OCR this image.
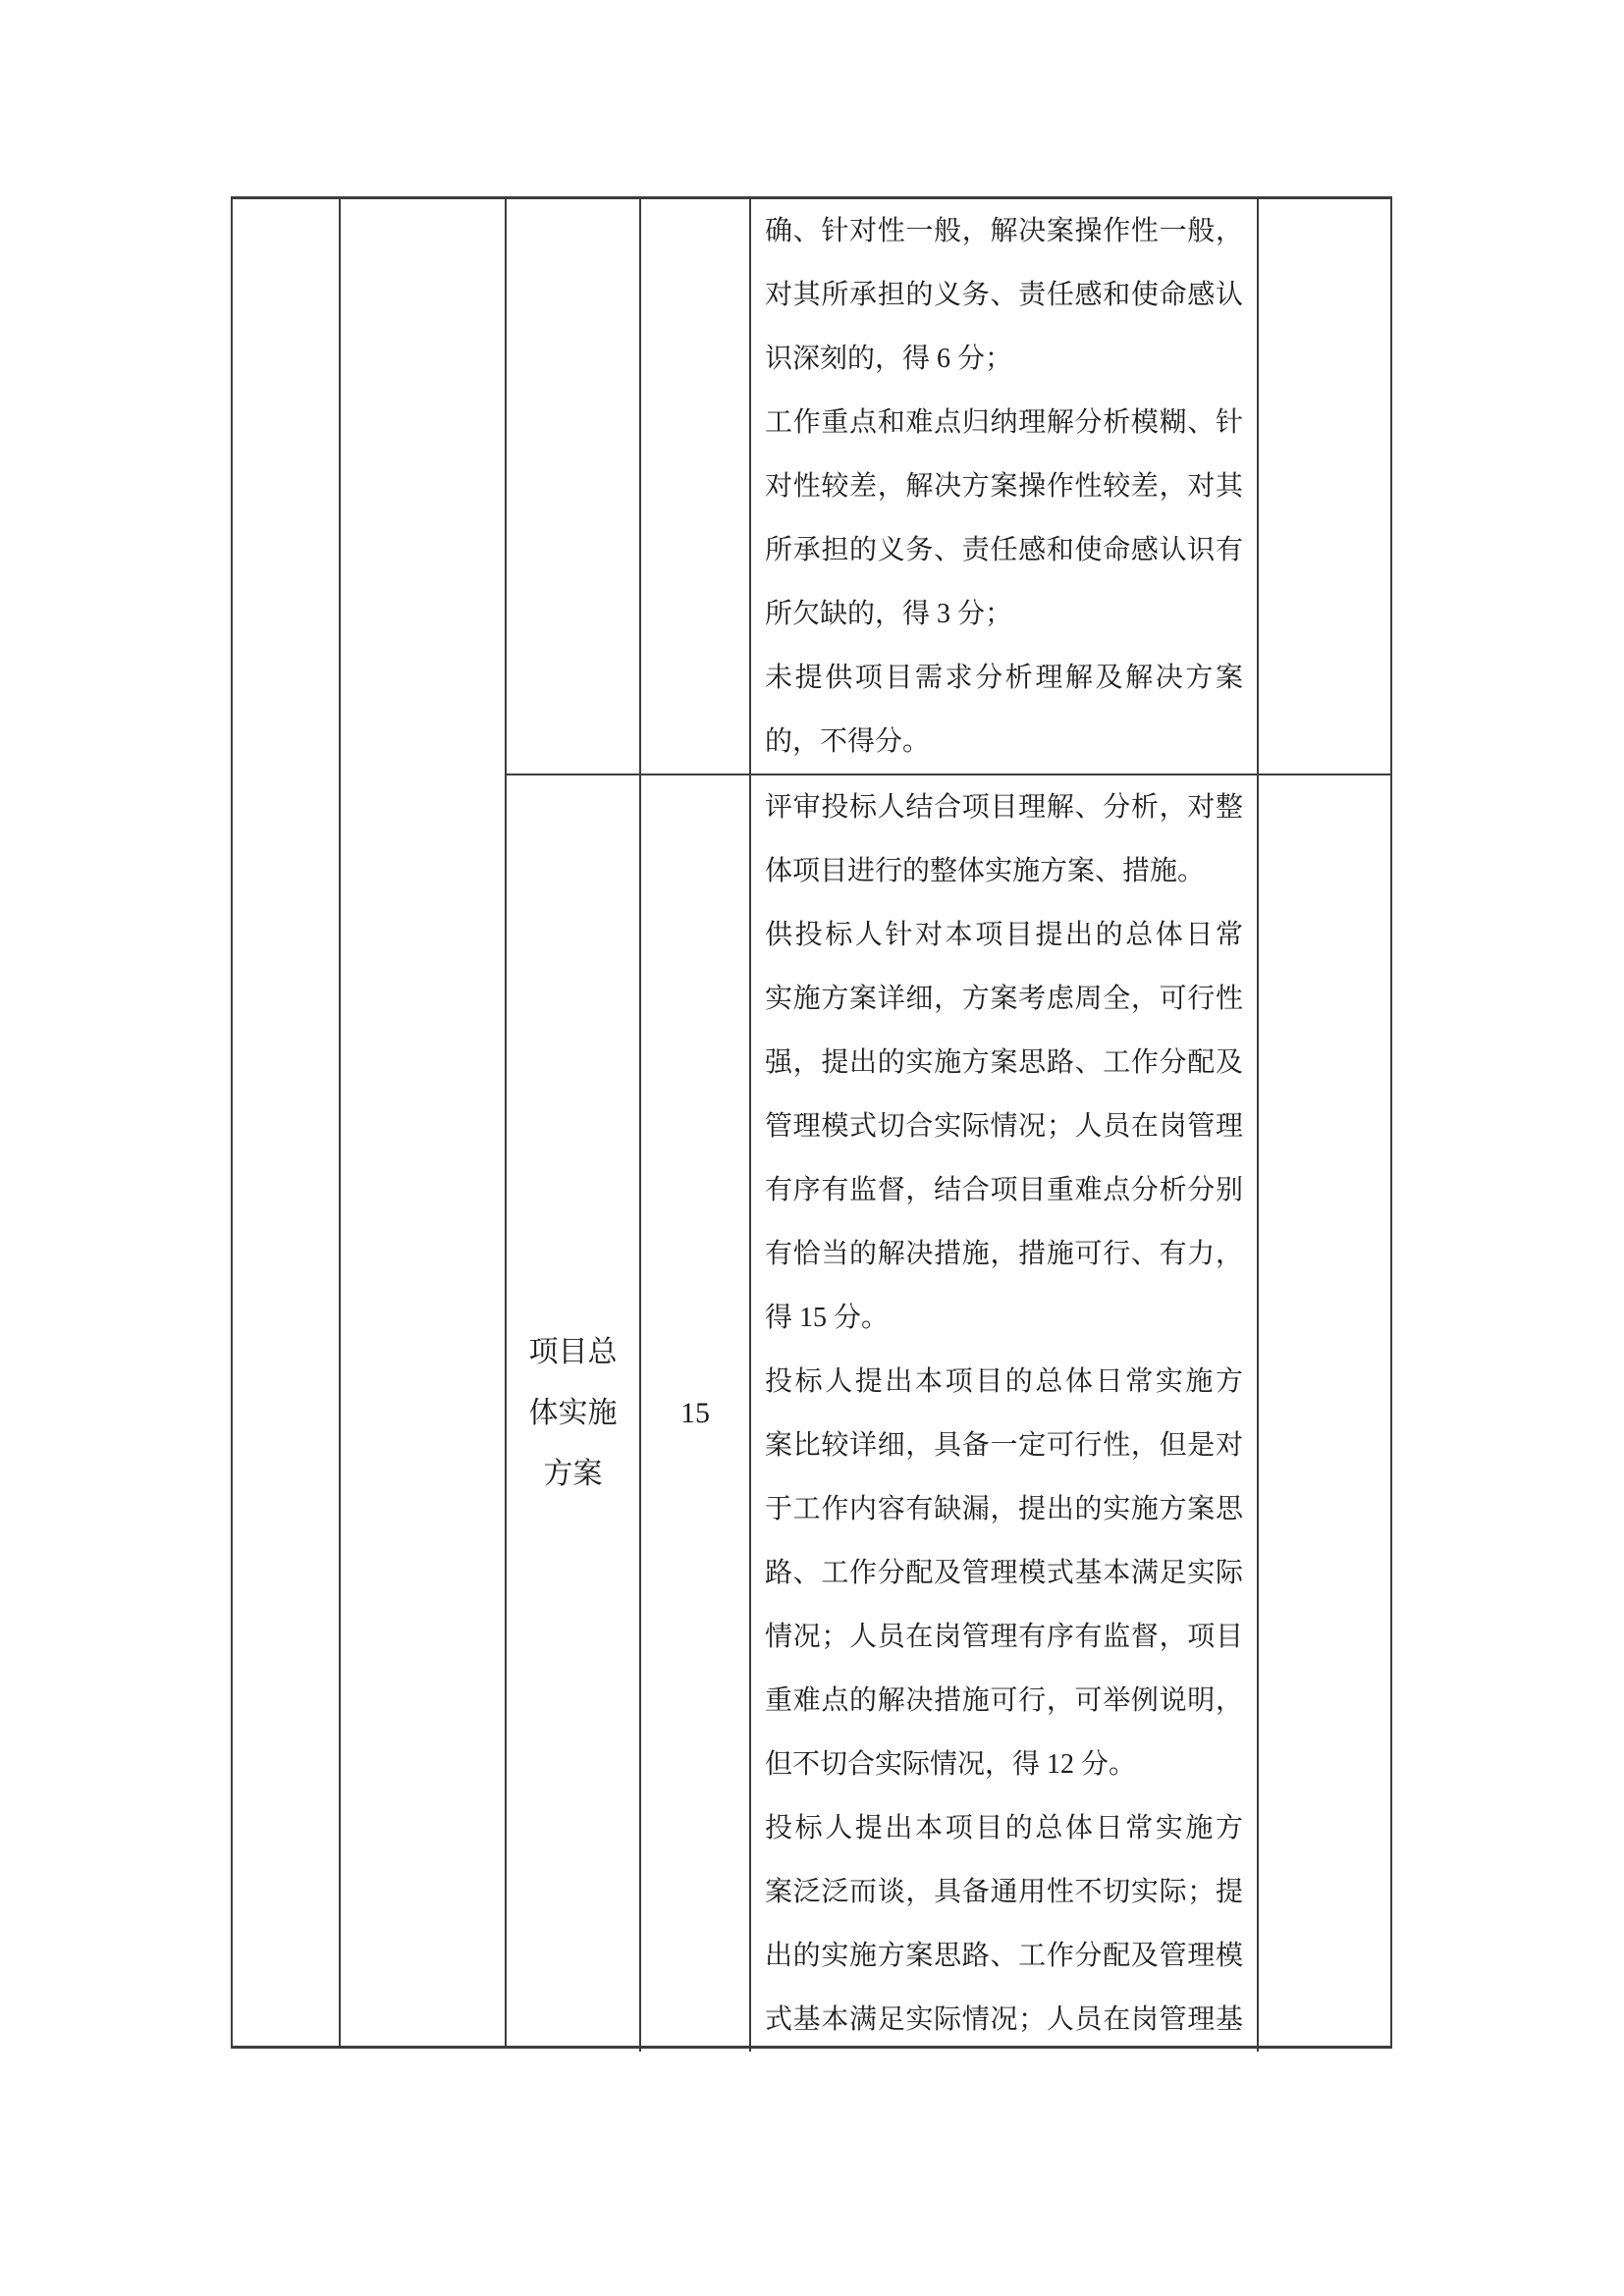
确、针对性一般，解决案操作性一般，
对其所承担的义务、责任感和使命感认
识深刻的，得 6 分；
工作重点和难点归纳理解分析模糊、针
对性较差，解决方案操作性较差，对其
所承担的义务、责任感和使命感认识有
所欠缺的，得 3 分；
未提供项目需求分析理解及解决方案
的，不得分。
项目总
体实施
方案
15
评审投标人结合项目理解、分析，对整
体项目进行的整体实施方案、措施。
供投标人针对本项目提出的总体日常
实施方案详细，方案考虑周全，可行性
强，提出的实施方案思路、工作分配及
管理模式切合实际情况；人员在岗管理
有序有监督，结合项目重难点分析分别
有恰当的解决措施，措施可行、有力，
得 15 分。
投标人提出本项目的总体日常实施方
案比较详细，具备一定可行性，但是对
于工作内容有缺漏，提出的实施方案思
路、工作分配及管理模式基本满足实际
情况；人员在岗管理有序有监督，项目
重难点的解决措施可行，可举例说明，
但不切合实际情况，得 12 分。
投标人提出本项目的总体日常实施方
案泛泛而谈，具备通用性不切实际；提
出的实施方案思路、工作分配及管理模
式基本满足实际情况；人员在岗管理基
